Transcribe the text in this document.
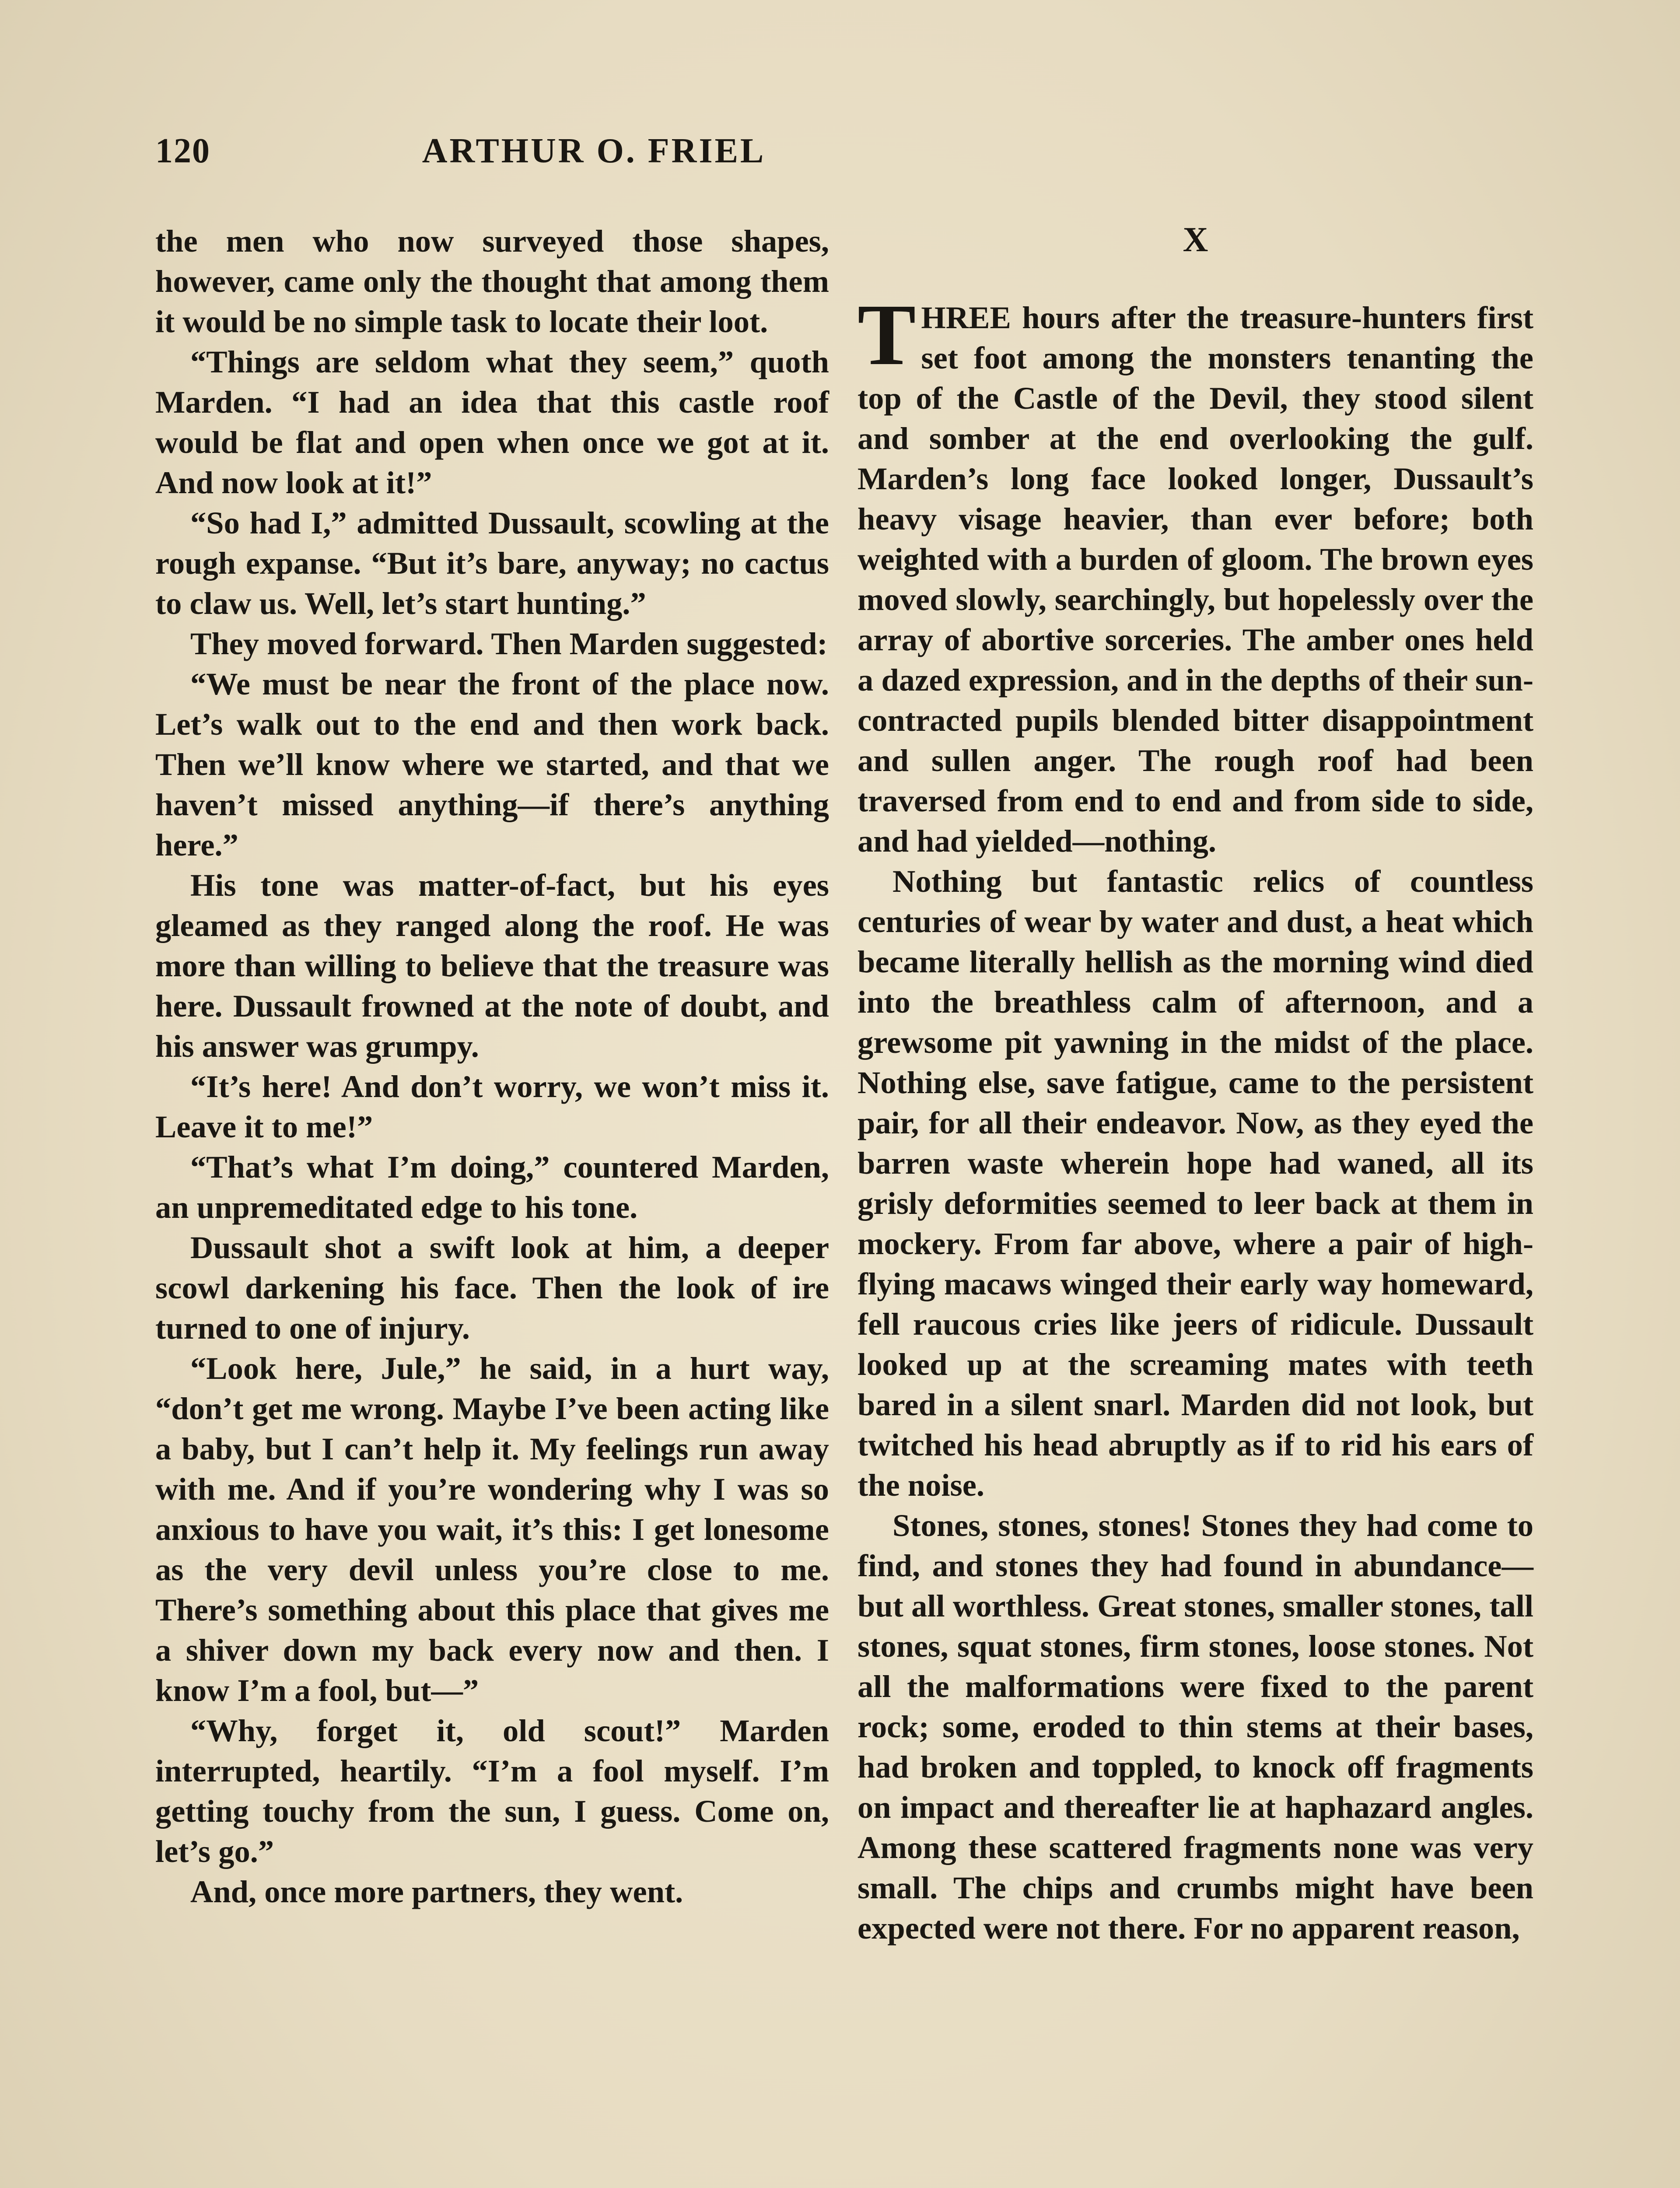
120	ARTHUR O. FRIEL

the men who now surveyed those shapes, however, came only the thought that among them it would be no simple task to locate their loot.

“Things are seldom what they seem,” quoth Marden. “I had an idea that this castle roof would be flat and open when once we got at it. And now look at it!”

“So had I,” admitted Dussault, scowling at the rough expanse. “But it’s bare, anyway; no cactus to claw us. Well, let’s start hunting.”

They moved forward. Then Marden suggested:

“We must be near the front of the place now. Let’s walk out to the end and then work back. Then we’ll know where we started, and that we haven’t missed anything—if there’s anything here.”

His tone was matter-of-fact, but his eyes gleamed as they ranged along the roof. He was more than willing to believe that the treasure was here. Dussault frowned at the note of doubt, and his answer was grumpy.

“It’s here! And don’t worry, we won’t miss it. Leave it to me!”

“That’s what I’m doing,” countered Marden, an unpremeditated edge to his tone.

Dussault shot a swift look at him, a deeper scowl darkening his face. Then the look of ire turned to one of injury.

“Look here, Jule,” he said, in a hurt way, “don’t get me wrong. Maybe I’ve been acting like a baby, but I can’t help it. My feelings run away with me. And if you’re wondering why I was so anxious to have you wait, it’s this: I get lonesome as the very devil unless you’re close to me. There’s something about this place that gives me a shiver down my back every now and then. I know I’m a fool, but—”

“Why, forget it, old scout!” Marden interrupted, heartily. “I’m a fool myself. I’m getting touchy from the sun, I guess. Come on, let’s go.”

And, once more partners, they went.

X

THREE hours after the treasure-hunters first set foot among the monsters tenanting the top of the Castle of the Devil, they stood silent and somber at the end overlooking the gulf. Marden’s long face looked longer, Dussault’s heavy visage heavier, than ever before; both weighted with a burden of gloom. The brown eyes moved slowly, searchingly, but hopelessly over the array of abortive sorceries. The amber ones held a dazed expression, and in the depths of their sun-contracted pupils blended bitter disappointment and sullen anger. The rough roof had been traversed from end to end and from side to side, and had yielded—nothing.

Nothing but fantastic relics of countless centuries of wear by water and dust, a heat which became literally hellish as the morning wind died into the breathless calm of afternoon, and a grewsome pit yawning in the midst of the place. Nothing else, save fatigue, came to the persistent pair, for all their endeavor. Now, as they eyed the barren waste wherein hope had waned, all its grisly deformities seemed to leer back at them in mockery. From far above, where a pair of high-flying macaws winged their early way homeward, fell raucous cries like jeers of ridicule. Dussault looked up at the screaming mates with teeth bared in a silent snarl. Marden did not look, but twitched his head abruptly as if to rid his ears of the noise.

Stones, stones, stones! Stones they had come to find, and stones they had found in abundance—but all worthless. Great stones, smaller stones, tall stones, squat stones, firm stones, loose stones. Not all the malformations were fixed to the parent rock; some, eroded to thin stems at their bases, had broken and toppled, to knock off fragments on impact and thereafter lie at haphazard angles. Among these scattered fragments none was very small. The chips and crumbs might have been expected were not there. For no apparent reason,
